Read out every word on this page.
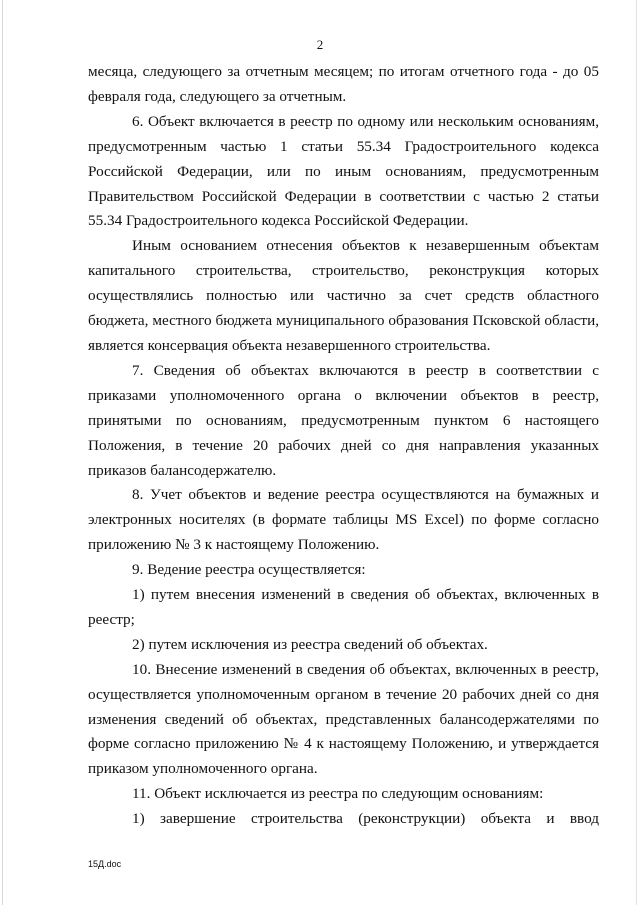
2

месяца, следующего за отчетным месяцем; по итогам отчетного года - до 05 февраля года, следующего за отчетным.

6. Объект включается в реестр по одному или нескольким основаниям, предусмотренным частью 1 статьи 55.34 Градостроительного кодекса Российской Федерации, или по иным основаниям, предусмотренным Правительством Российской Федерации в соответствии с частью 2 статьи 55.34 Градостроительного кодекса Российской Федерации.

Иным основанием отнесения объектов к незавершенным объектам капитального строительства, строительство, реконструкция которых осуществлялись полностью или частично за счет средств областного бюджета, местного бюджета муниципального образования Псковской области, является консервация объекта незавершенного строительства.

7. Сведения об объектах включаются в реестр в соответствии с приказами уполномоченного органа о включении объектов в реестр, принятыми по основаниям, предусмотренным пунктом 6 настоящего Положения, в течение 20 рабочих дней со дня направления указанных приказов балансодержателю.

8. Учет объектов и ведение реестра осуществляются на бумажных и электронных носителях (в формате таблицы MS Excel) по форме согласно приложению № 3 к настоящему Положению.

9. Ведение реестра осуществляется:

1) путем внесения изменений в сведения об объектах, включенных в реестр;

2) путем исключения из реестра сведений об объектах.

10. Внесение изменений в сведения об объектах, включенных в реестр, осуществляется уполномоченным органом в течение 20 рабочих дней со дня изменения сведений об объектах, представленных балансодержателями по форме согласно приложению № 4 к настоящему Положению, и утверждается приказом уполномоченного органа.

11. Объект исключается из реестра по следующим основаниям:

1) завершение строительства (реконструкции) объекта и ввод

15Д.doc
